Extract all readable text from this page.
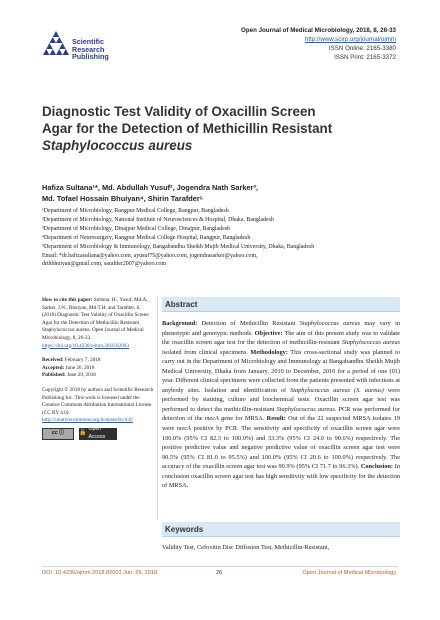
Scientific
Research
Publishing
Open Journal of Medical Microbiology, 2018, 8, 26-33
http://www.scirp.org/journal/ojmm
ISSN Online: 2165-3380
ISSN Print: 2165-3372
Diagnostic Test Validity of Oxacillin Screen
Agar for the Detection of Methicillin Resistant
Staphylococcus aureus
Hafiza Sultana¹*, Md. Abdullah Yusuf², Jogendra Nath Sarker³,
Md. Tofael Hossain Bhuiyan⁴, Shirin Tarafder⁵
¹Department of Microbiology, Rangpur Medical College, Rangpur, Bangladesh
²Department of Microbiology, National Institute of Neurosciences & Hospital, Dhaka, Bangladesh
³Department of Microbiology, Dinajpur Medical College, Dinajpur, Bangladesh
⁴Department of Neurosurgery, Rangpur Medical College Hospital, Rangpur, Bangladesh
⁵Department of Microbiology & Immunology, Bangabandhu Sheikh Mujib Medical University, Dhaka, Bangladesh
Email: *dr.hafizasultana@yahoo.com, ayusuf75@yahoo.com, jogendrasarker@yahoo.com,
drthbhuiyan@gmail.com, sarafder2007@yahoo.com
How to cite this paper: Sultana, H., Yusuf, Md.A., Sarker, J.N., Bhuiyan, Md.T.H. and Tarafder, S. (2018) Diagnostic Test Validity of Oxacillin Screen Agar for the Detection of Methicillin Resistant Staphylococcus aureus. Open Journal of Medical Microbiology, 8, 26-33.
https://doi.org/10.4236/ojmm.2018.82003
Received: February 7, 2018
Accepted: June 26, 2018
Published: June 29, 2018
Copyright © 2018 by authors and Scientific Research Publishing Inc. This work is licensed under the Creative Commons Attribution International License (CC BY 4.0).
http://creativecommons.org/licenses/by/4.0/
cc ⓘ	🔓
Open Access
Abstract
Background: Detection of Methicillin Resistant Staphylococcus aureus may vary in phenotypic and genotypic methods. Objective: The aim of this present study was to validate the oxacillin screen agar test for the detection of methicillin-resistant Staphylococcus aureus isolated from clinical specimens. Methodology: This cross-sectional study was planned to carry out in the Department of Microbiology and Immunology at Bangabandhu Sheikh Mujib Medical University, Dhaka from January, 2010 to December, 2010 for a period of one (01) year. Different clinical specimens were collected from the patients presented with infections at anybody sites. Isolation and identification of Staphylococcus aureus (S. aureus) were performed by staining, culture and biochemical tests. Oxacillin screen agar test was performed to detect the methicillin-resistant Staphylococcus aureus. PCR was performed for detection of the mecA gene for MRSA. Result: Out of the 22 suspected MRSA isolates 19 were mecA positive by PCR. The sensitivity and specificity of oxacillin screen agar were 100.0% (95% CI 82.3 to 100.0%) and 33.3% (95% CI 24.0 to 90.6%) respectively. The positive predictive value and negative predictive value of oxacillin screen agar test were 90.5% (95% CI 81.0 to 95.5%) and 100.0% (95% CI 20.6 to 100.0%) respectively. The accuracy of the oxacillin screen agar test was 90.9% (95% CI 71.7 to 96.3%). Conclusion: In conclusion oxacillin screen agar test has high sensitivity with low specificity for the detection of MRSA.
Keywords
Validity Test, Cefoxitin Disc Diffusion Test, Methicillin-Resistant,
DOI: 10.4236/ojmm.2018.82003 Jun. 29, 2018	26	Open Journal of Medical Microbiology
